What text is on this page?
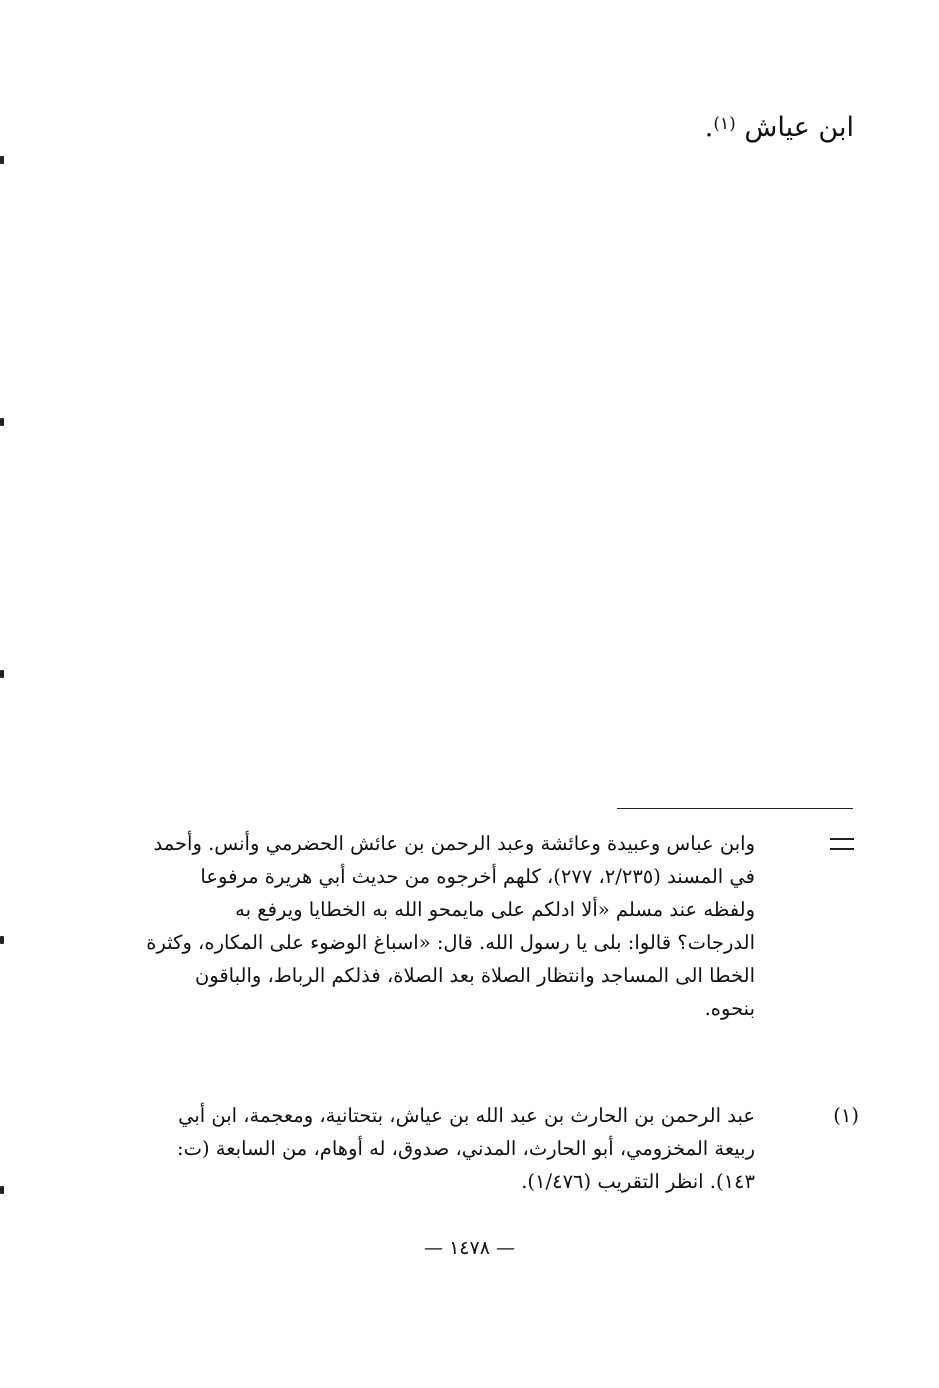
ابن عياش $^{(١)}$.
وابن عباس وعبيدة وعائشة وعبد الرحمن بن عائش الحضرمي وأنس. وأحمد
في المسند (٢/٢٣٥، ٢٧٧)، كلهم أخرجوه من حديث أبي هريرة مرفوعا
ولفظه عند مسلم «ألا ادلكم على مايمحو الله به الخطايا ويرفع به
الدرجات؟ قالوا: بلى يا رسول الله. قال: «اسباغ الوضوء على المكاره، وكثرة
الخطا الى المساجد وانتظار الصلاة بعد الصلاة، فذلكم الرباط، والباقون
بنحوه.
(١)
عبد الرحمن بن الحارث بن عبد الله بن عياش، بتحتانية، ومعجمة، ابن أبي
ربيعة المخزومي، أبو الحارث، المدني، صدوق، له أوهام، من السابعة (ت:
١٤٣). انظر التقريب (١/٤٧٦).
— ١٤٧٨ —
